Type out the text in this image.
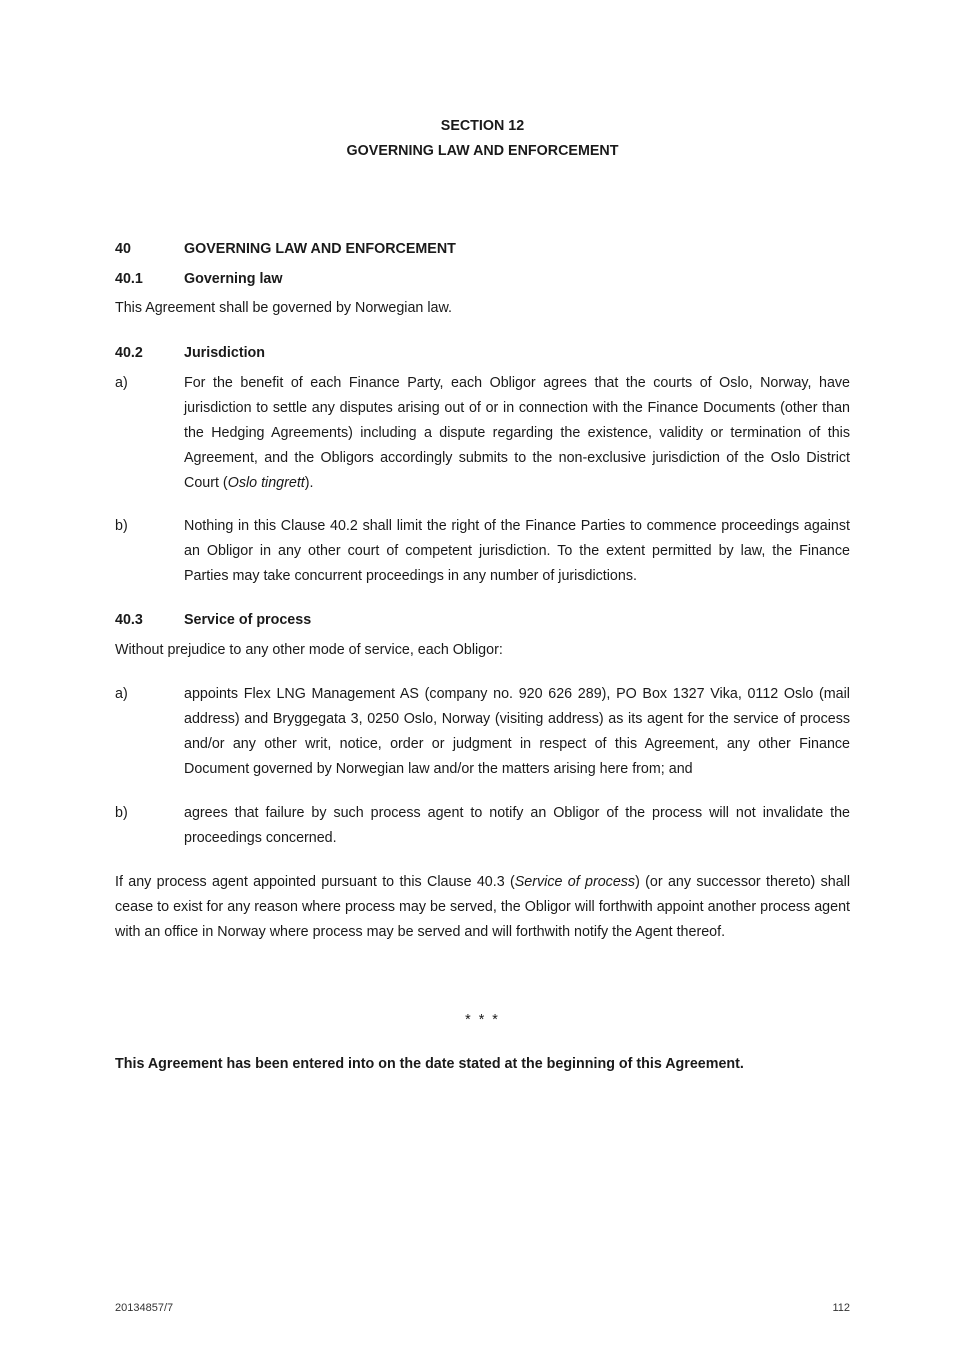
SECTION 12
GOVERNING LAW AND ENFORCEMENT
40	GOVERNING LAW AND ENFORCEMENT
40.1	Governing law
This Agreement shall be governed by Norwegian law.
40.2	Jurisdiction
a)	For the benefit of each Finance Party, each Obligor agrees that the courts of Oslo, Norway, have jurisdiction to settle any disputes arising out of or in connection with the Finance Documents (other than the Hedging Agreements) including a dispute regarding the existence, validity or termination of this Agreement, and the Obligors accordingly submits to the non-exclusive jurisdiction of the Oslo District Court (Oslo tingrett).
b)	Nothing in this Clause 40.2 shall limit the right of the Finance Parties to commence proceedings against an Obligor in any other court of competent jurisdiction. To the extent permitted by law, the Finance Parties may take concurrent proceedings in any number of jurisdictions.
40.3	Service of process
Without prejudice to any other mode of service, each Obligor:
a)	appoints Flex LNG Management AS (company no. 920 626 289), PO Box 1327 Vika, 0112 Oslo (mail address) and Bryggegata 3, 0250 Oslo, Norway (visiting address) as its agent for the service of process and/or any other writ, notice, order or judgment in respect of this Agreement, any other Finance Document governed by Norwegian law and/or the matters arising here from; and
b)	agrees that failure by such process agent to notify an Obligor of the process will not invalidate the proceedings concerned.
If any process agent appointed pursuant to this Clause 40.3 (Service of process) (or any successor thereto) shall cease to exist for any reason where process may be served, the Obligor will forthwith appoint another process agent with an office in Norway where process may be served and will forthwith notify the Agent thereof.
* * *
This Agreement has been entered into on the date stated at the beginning of this Agreement.
20134857/7	112
